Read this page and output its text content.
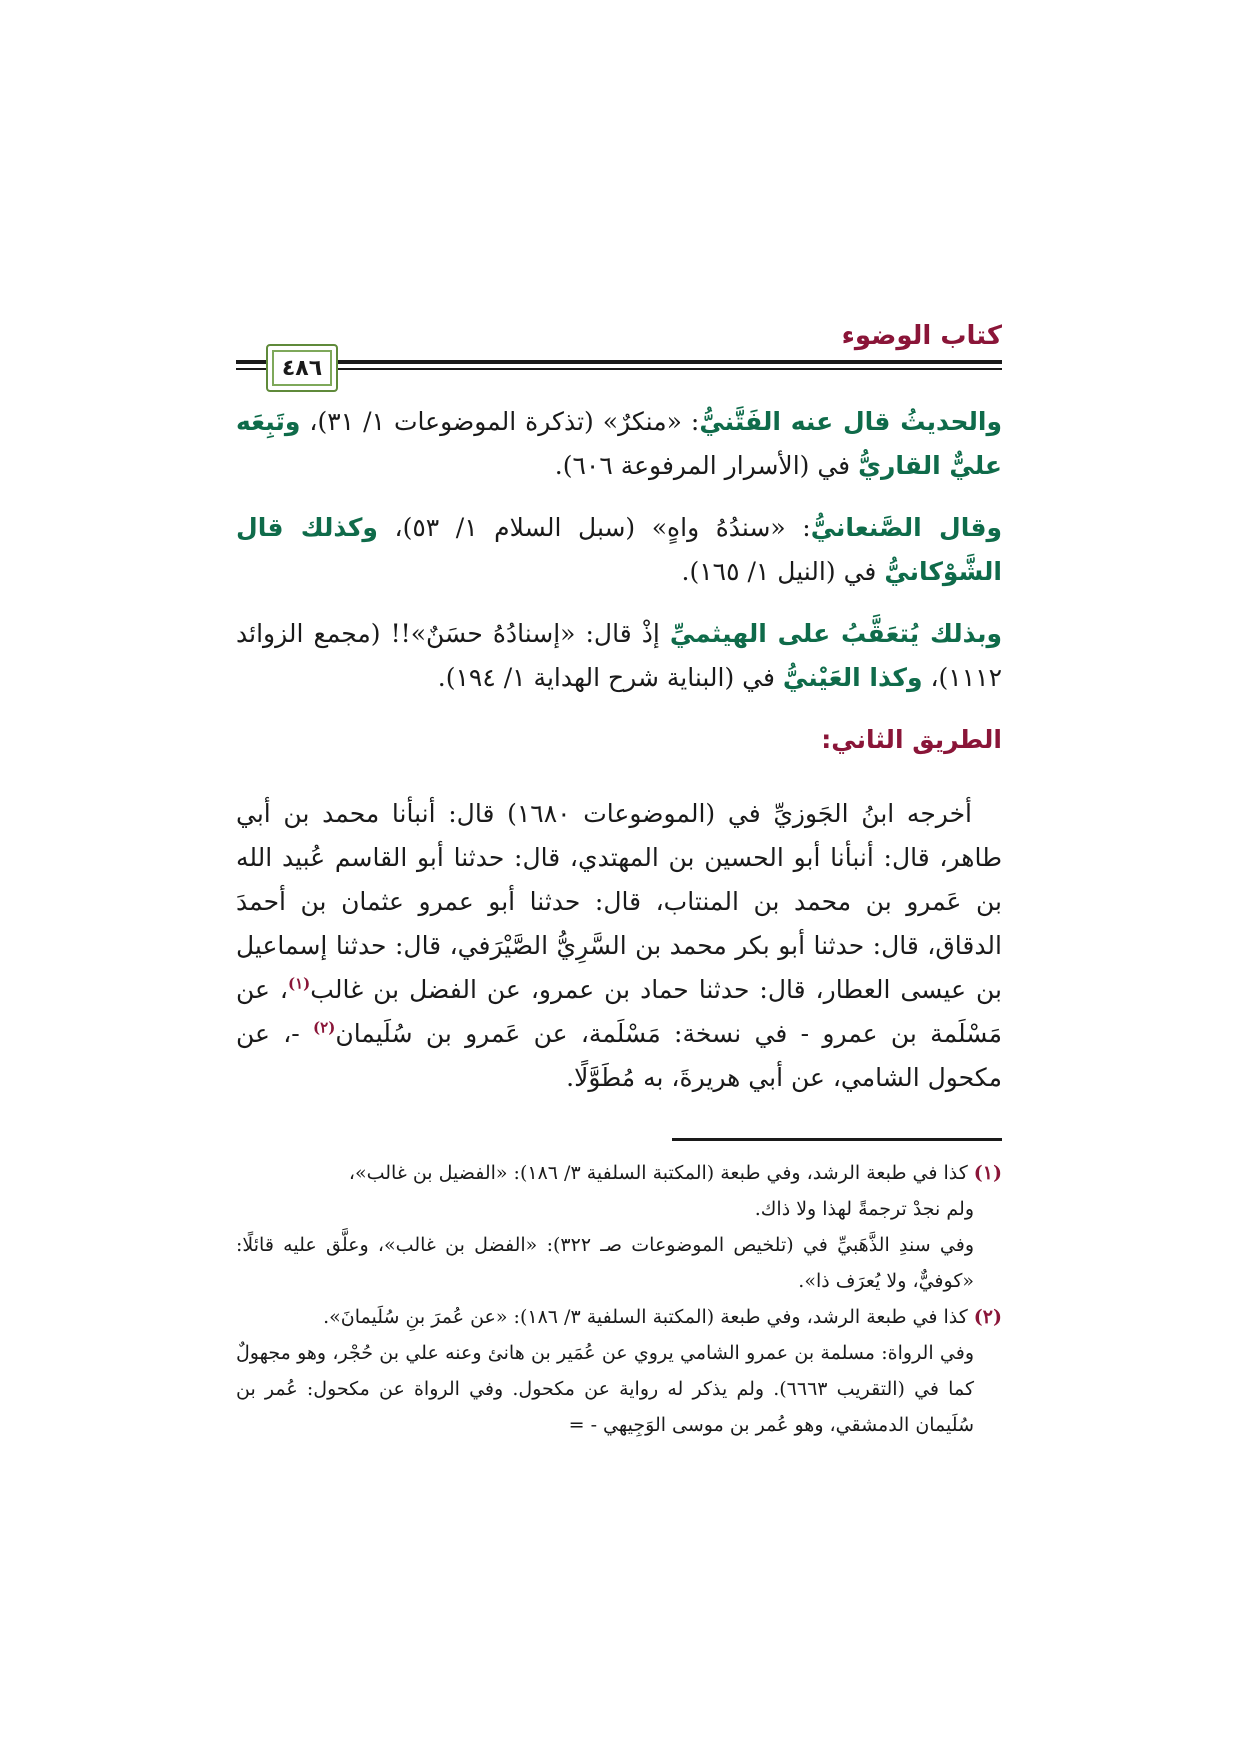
كتاب الوضوء
٤٨٦

والحديثُ قال عنه الفَتَّنيُّ: «منكرٌ» (تذكرة الموضوعات ١/ ٣١)، وتَبِعَه عليٌّ القاريُّ في (الأسرار المرفوعة ٦٠٦).

وقال الصَّنعانيُّ: «سندُهُ واهٍ» (سبل السلام ١/ ٥٣)، وكذلك قال الشَّوْكانيُّ في (النيل ١/ ١٦٥).

وبذلك يُتعَقَّبُ على الهيثميِّ إذْ قال: «إسنادُهُ حسَنٌ»!! (مجمع الزوائد ١١١٢)، وكذا العَيْنيُّ في (البناية شرح الهداية ١/ ١٩٤).

الطريق الثاني:

أخرجه ابنُ الجَوزيِّ في (الموضوعات ١٦٨٠) قال: أنبأنا محمد بن أبي طاهر، قال: أنبأنا أبو الحسين بن المهتدي، قال: حدثنا أبو القاسم عُبيد الله بن عَمرو بن محمد بن المنتاب، قال: حدثنا أبو عمرو عثمان بن أحمدَ الدقاق، قال: حدثنا أبو بكر محمد بن السَّرِيُّ الصَّيْرَفي، قال: حدثنا إسماعيل بن عيسى العطار، قال: حدثنا حماد بن عمرو، عن الفضل بن غالب$^{(١)}$، عن مَسْلَمة بن عمرو - في نسخة: مَسْلَمة، عن عَمرو بن سُلَيمان$^{(٢)}$ -، عن مكحول الشامي، عن أبي هريرةَ، به مُطَوَّلًا.

(١) كذا في طبعة الرشد، وفي طبعة (المكتبة السلفية ٣/ ١٨٦): «الفضيل بن غالب»،

ولم نجدْ ترجمةً لهذا ولا ذاك.

وفي سندِ الذَّهَبيِّ في (تلخيص الموضوعات صـ ٣٢٢): «الفضل بن غالب»، وعلَّق عليه قائلًا: «كوفيٌّ، ولا يُعرَف ذا».

(٢) كذا في طبعة الرشد، وفي طبعة (المكتبة السلفية ٣/ ١٨٦): «عن عُمرَ بنِ سُلَيمانَ».

وفي الرواة: مسلمة بن عمرو الشامي يروي عن عُمَير بن هانئ وعنه علي بن حُجْر، وهو مجهولٌ كما في (التقريب ٦٦٦٣). ولم يذكر له رواية عن مكحول. وفي الرواة عن مكحول: عُمر بن سُلَيمان الدمشقي، وهو عُمر بن موسى الوَجِيهي - =
